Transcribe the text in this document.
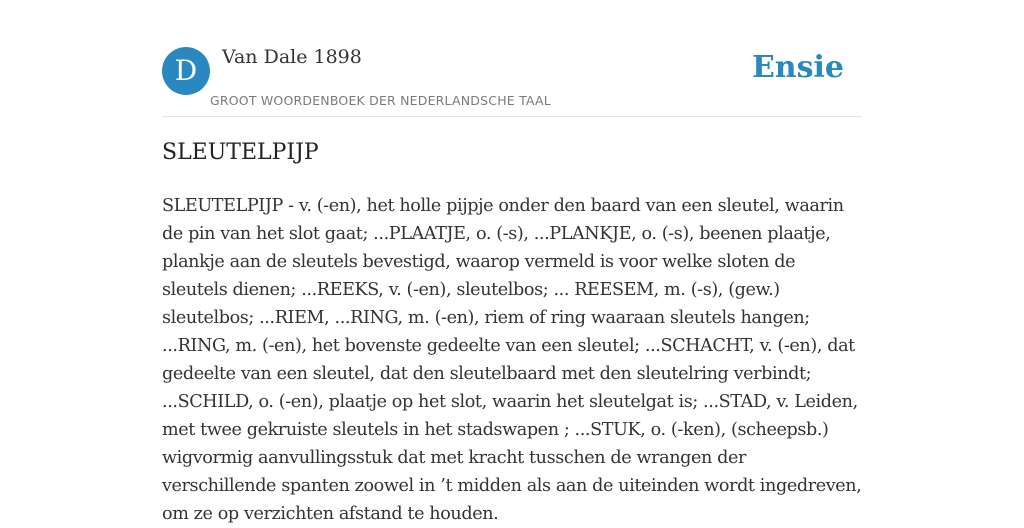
D	Van Dale 1898
GROOT WOORDENBOEK DER NEDERLANDSCHE TAAL
Ensie
SLEUTELPIJP

SLEUTELPIJP - v. (-en), het holle pijpje onder den baard van een sleutel, waarin de pin van het slot gaat; ...PLAATJE, o. (-s), ...PLANKJE, o. (-s), beenen plaatje, plankje aan de sleutels bevestigd, waarop vermeld is voor welke sloten de sleutels dienen; ...REEKS, v. (-en), sleutelbos; ... REESEM, m. (-s), (gew.) sleutelbos; ...RIEM, ...RING, m. (-en), riem of ring waaraan sleutels hangen; ...RING, m. (-en), het bovenste gedeelte van een sleutel; ...SCHACHT, v. (-en), dat gedeelte van een sleutel, dat den sleutelbaard met den sleutelring verbindt; ...SCHILD, o. (-en), plaatje op het slot, waarin het sleutelgat is; ...STAD, v. Leiden, met twee gekruiste sleutels in het stadswapen ; ...STUK, o. (-ken), (scheepsb.) wigvormig aanvullingsstuk dat met kracht tusschen de wrangen der verschillende spanten zoowel in ’t midden als aan de uiteinden wordt ingedreven, om ze op verzichten afstand te houden.
